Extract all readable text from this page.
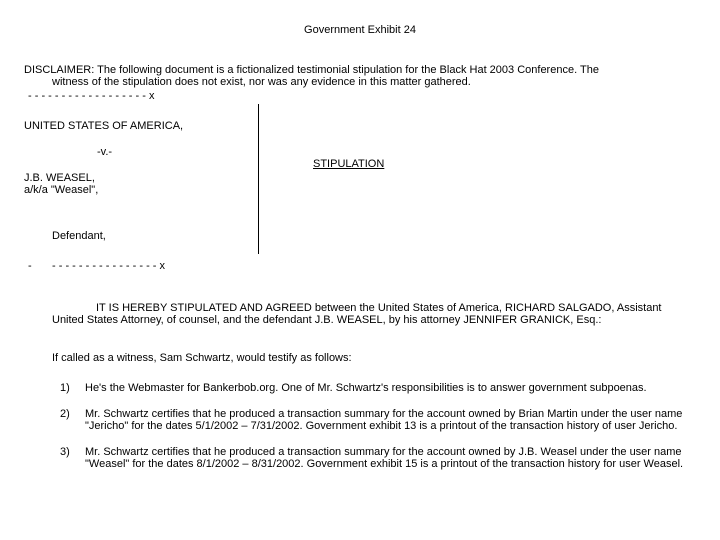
Government Exhibit 24
DISCLAIMER: The following document is a fictionalized testimonial stipulation for the Black Hat 2003 Conference. The
witness of the stipulation does not exist, nor was any evidence in this matter gathered.
- - - - - - - - - - - - - - - - - - x
UNITED STATES OF AMERICA,
-v.-
J.B. WEASEL,
a/k/a "Weasel",
Defendant,
STIPULATION
- - - - - - - - - - - - - - - - - x
IT IS HEREBY STIPULATED AND AGREED between the United States of America, RICHARD SALGADO, Assistant United States Attorney, of counsel, and the defendant J.B. WEASEL, by his attorney JENNIFER GRANICK, Esq.:
If called as a witness, Sam Schwartz, would testify as follows:
1) He's the Webmaster for Bankerbob.org. One of Mr. Schwartz's responsibilities is to answer government subpoenas.
2) Mr. Schwartz certifies that he produced a transaction summary for the account owned by Brian Martin under the user name "Jericho" for the dates 5/1/2002 – 7/31/2002. Government exhibit 13 is a printout of the transaction history of user Jericho.
3) Mr. Schwartz certifies that he produced a transaction summary for the account owned by J.B. Weasel under the user name "Weasel" for the dates 8/1/2002 – 8/31/2002. Government exhibit 15 is a printout of the transaction history for user Weasel.
